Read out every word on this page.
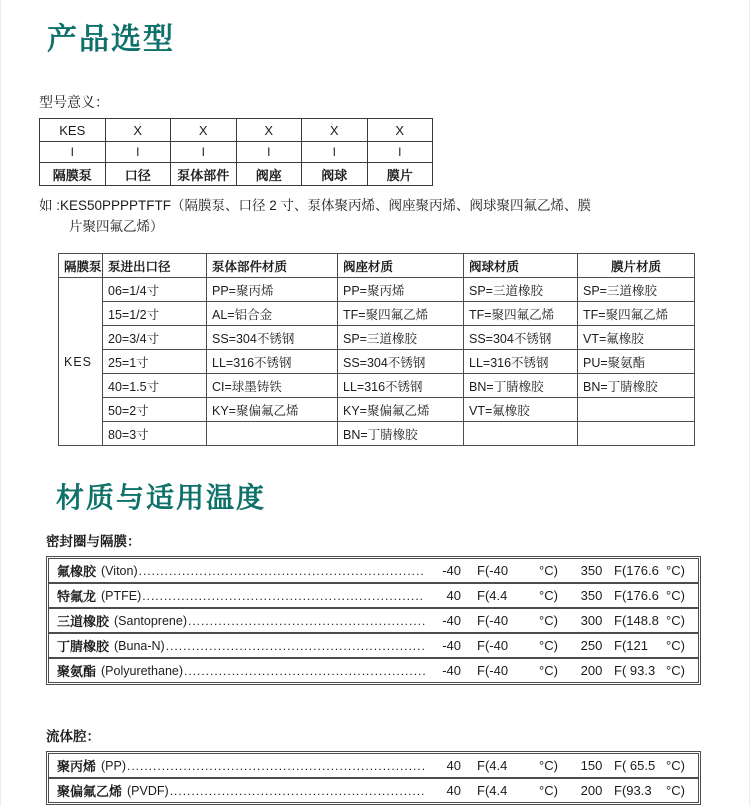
产品选型
型号意义：
KES	X	X	X	X	X
I	I	I	I	I	I
隔膜泵	口径	泵体部件	阀座	阀球	膜片
如 :KES50PPPPTFTF（隔膜泵、口径 2 寸、泵体聚丙烯、阀座聚丙烯、阀球聚四氟乙烯、膜
片聚四氟乙烯）
隔膜泵	泵进出口径	泵体部件材质	阀座材质	阀球材质	膜片材质
KES	06=1/4寸	PP=聚丙烯	PP=聚丙烯	SP=三道橡胶	SP=三道橡胶
	15=1/2寸	AL=铝合金	TF=聚四氟乙烯	TF=聚四氟乙烯	TF=聚四氟乙烯
	20=3/4寸	SS=304不锈钢	SP=三道橡胶	SS=304不锈钢	VT=氟橡胶
	25=1寸	LL=316不锈钢	SS=304不锈钢	LL=316不锈钢	PU=聚氨酯
	40=1.5寸	CI=球墨铸铁	LL=316不锈钢	BN=丁腈橡胶	BN=丁腈橡胶
	50=2寸	KY=聚偏氟乙烯	KY=聚偏氟乙烯	VT=氟橡胶	
	80=3寸		BN=丁腈橡胶		
材质与适用温度
密封圈与隔膜：
氟橡胶 (Viton) .....	-40 F(-40	°C)	350 F(176.6 °C)
特氟龙 (PTFE) .....	40 F(4.4	°C)	350 F(176.6 °C)
三道橡胶 (Santoprene) .....	-40 F(-40	°C)	300 F(148.8 °C)
丁腈橡胶 (Buna-N) .....	-40 F(-40	°C)	250 F(121	°C)
聚氨酯 (Polyurethane) .....	-40 F(-40	°C)	200 F( 93.3 °C)
流体腔：
聚丙烯 (PP) .....	40 F(4.4	°C)	150 F( 65.5 °C)
聚偏氟乙烯 (PVDF) .....	40 F(4.4	°C)	200 F(93.3	°C)
